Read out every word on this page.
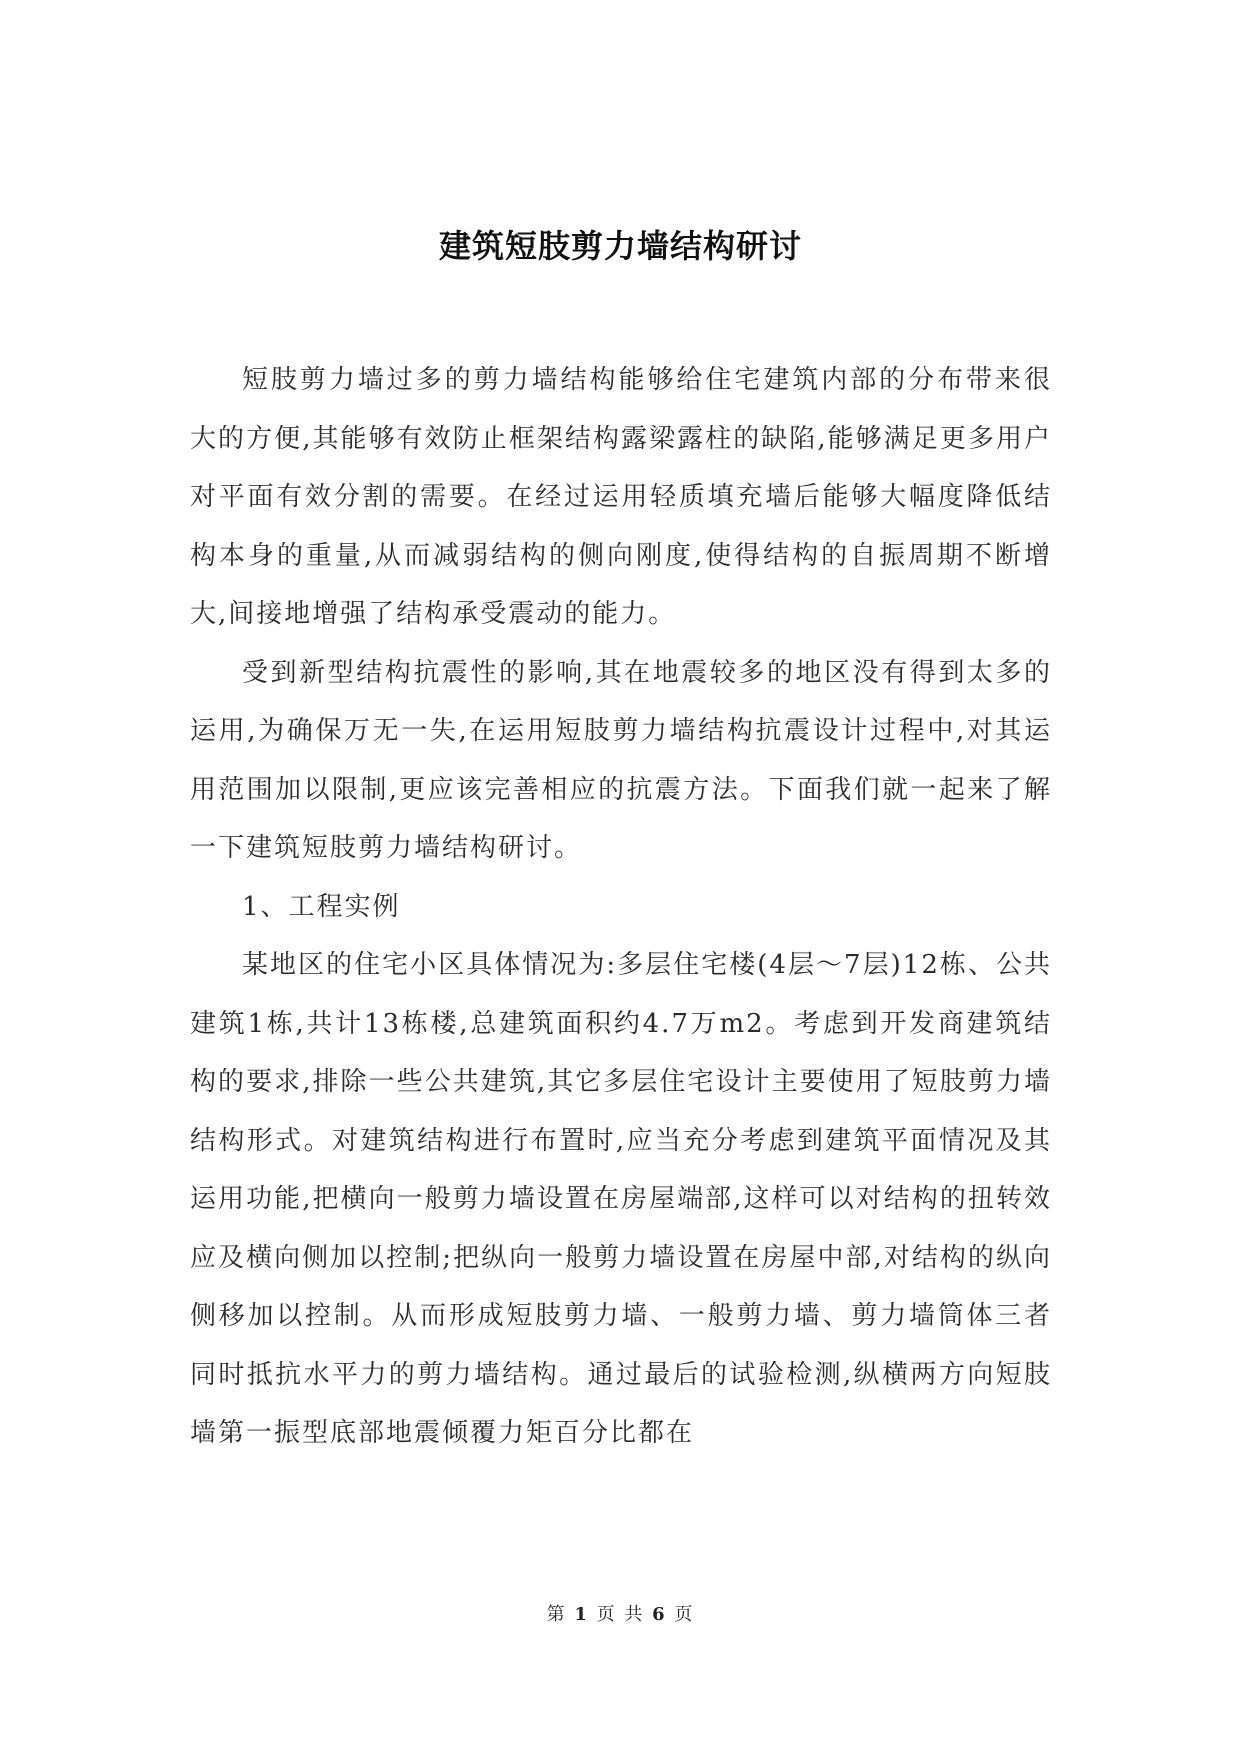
建筑短肢剪力墙结构研讨

短肢剪力墙过多的剪力墙结构能够给住宅建筑内部的分布带来很大的方便,其能够有效防止框架结构露梁露柱的缺陷,能够满足更多用户对平面有效分割的需要。在经过运用轻质填充墙后能够大幅度降低结构本身的重量,从而减弱结构的侧向刚度,使得结构的自振周期不断增大,间接地增强了结构承受震动的能力。

受到新型结构抗震性的影响,其在地震较多的地区没有得到太多的运用,为确保万无一失,在运用短肢剪力墙结构抗震设计过程中,对其运用范围加以限制,更应该完善相应的抗震方法。下面我们就一起来了解一下建筑短肢剪力墙结构研讨。

1、工程实例

某地区的住宅小区具体情况为:多层住宅楼(4层～7层)12栋、公共建筑1栋,共计13栋楼,总建筑面积约4.7万m2。考虑到开发商建筑结构的要求,排除一些公共建筑,其它多层住宅设计主要使用了短肢剪力墙结构形式。对建筑结构进行布置时,应当充分考虑到建筑平面情况及其运用功能,把横向一般剪力墙设置在房屋端部,这样可以对结构的扭转效应及横向侧加以控制;把纵向一般剪力墙设置在房屋中部,对结构的纵向侧移加以控制。从而形成短肢剪力墙、一般剪力墙、剪力墙筒体三者同时抵抗水平力的剪力墙结构。通过最后的试验检测,纵横两方向短肢墙第一振型底部地震倾覆力矩百分比都在

第 1 页 共 6 页
